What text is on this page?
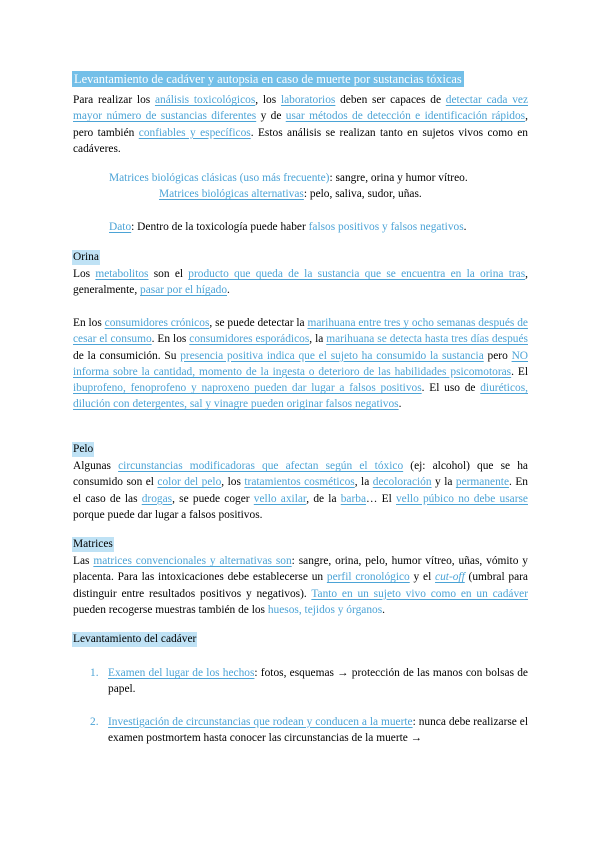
Levantamiento de cadáver y autopsia en caso de muerte por sustancias tóxicas

Para realizar los análisis toxicológicos, los laboratorios deben ser capaces de detectar cada vez mayor número de sustancias diferentes y de usar métodos de detección e identificación rápidos, pero también confiables y específicos. Estos análisis se realizan tanto en sujetos vivos como en cadáveres.

Matrices biológicas clásicas (uso más frecuente): sangre, orina y humor vítreo.
Matrices biológicas alternativas: pelo, saliva, sudor, uñas.
Dato: Dentro de la toxicología puede haber falsos positivos y falsos negativos.
Orina

Los metabolitos son el producto que queda de la sustancia que se encuentra en la orina tras, generalmente, pasar por el hígado.

En los consumidores crónicos, se puede detectar la marihuana entre tres y ocho semanas después de cesar el consumo. En los consumidores esporádicos, la marihuana se detecta hasta tres días después de la consumición. Su presencia positiva indica que el sujeto ha consumido la sustancia pero NO informa sobre la cantidad, momento de la ingesta o deterioro de las habilidades psicomotoras. El ibuprofeno, fenoprofeno y naproxeno pueden dar lugar a falsos positivos. El uso de diuréticos, dilución con detergentes, sal y vinagre pueden originar falsos negativos.

Pelo

Algunas circunstancias modificadoras que afectan según el tóxico (ej: alcohol) que se ha consumido son el color del pelo, los tratamientos cosméticos, la decoloración y la permanente. En el caso de las drogas, se puede coger vello axilar, de la barba… El vello púbico no debe usarse porque puede dar lugar a falsos positivos.

Matrices

Las matrices convencionales y alternativas son: sangre, orina, pelo, humor vítreo, uñas, vómito y placenta. Para las intoxicaciones debe establecerse un perfil cronológico y el cut-off (umbral para distinguir entre resultados positivos y negativos). Tanto en un sujeto vivo como en un cadáver pueden recogerse muestras también de los huesos, tejidos y órganos.

Levantamiento del cadáver
1. Examen del lugar de los hechos: fotos, esquemas → protección de las manos con bolsas de papel.
2. Investigación de circunstancias que rodean y conducen a la muerte: nunca debe realizarse el examen postmortem hasta conocer las circunstancias de la muerte →
